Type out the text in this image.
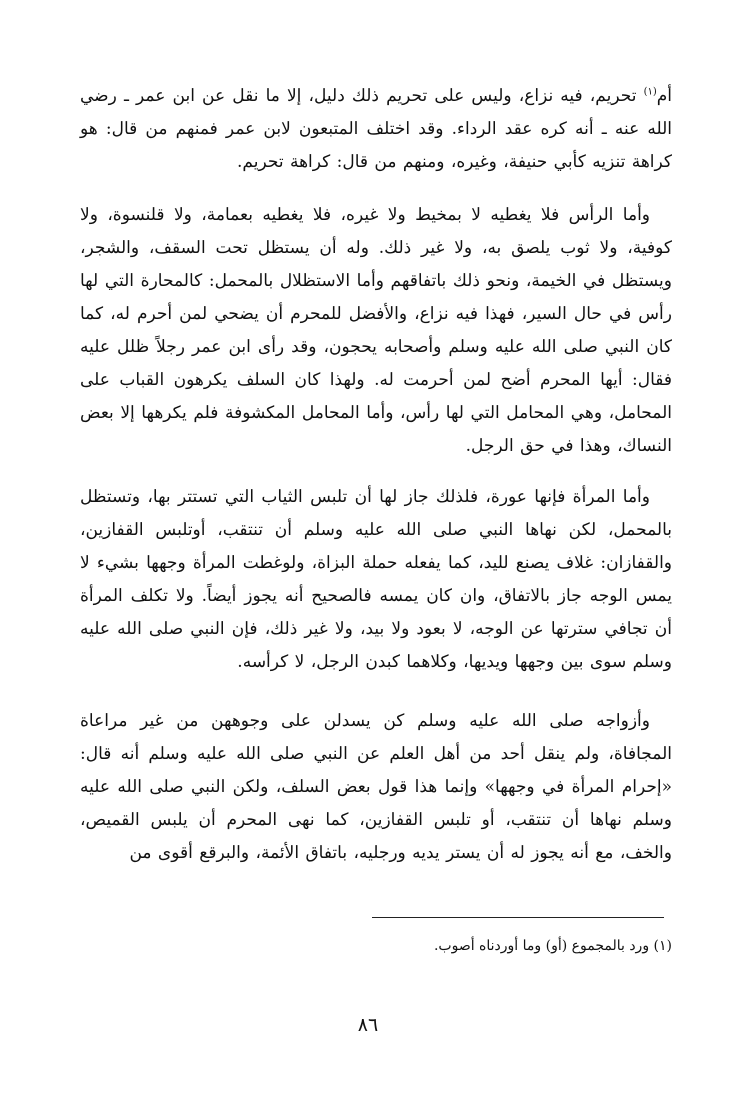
أم$^{(١)}$ تحريم، فيه نزاع، وليس على تحريم ذلك دليل، إلا ما نقل عن ابن عمر ـ رضي الله عنه ـ أنه كره عقد الرداء. وقد اختلف المتبعون لابن عمر فمنهم من قال: هو كراهة تنزيه كأبي حنيفة، وغيره، ومنهم من قال: كراهة تحريم.

وأما الرأس فلا يغطيه لا بمخيط ولا غيره، فلا يغطيه بعمامة، ولا قلنسوة، ولا كوفية، ولا ثوب يلصق به، ولا غير ذلك. وله أن يستظل تحت السقف، والشجر، ويستظل في الخيمة، ونحو ذلك باتفاقهم وأما الاستظلال بالمحمل: كالمحارة التي لها رأس في حال السير، فهذا فيه نزاع، والأفضل للمحرم أن يضحي لمن أحرم له، كما كان النبي صلى الله عليه وسلم وأصحابه يحجون، وقد رأى ابن عمر رجلاً ظلل عليه فقال: أيها المحرم أضح لمن أحرمت له. ولهذا كان السلف يكرهون القباب على المحامل، وهي المحامل التي لها رأس، وأما المحامل المكشوفة فلم يكرهها إلا بعض النساك، وهذا في حق الرجل.

وأما المرأة فإنها عورة، فلذلك جاز لها أن تلبس الثياب التي تستتر بها، وتستظل بالمحمل، لكن نهاها النبي صلى الله عليه وسلم أن تنتقب، أوتلبس القفازين، والقفازان: غلاف يصنع لليد، كما يفعله حملة البزاة، ولوغطت المرأة وجهها بشيء لا يمس الوجه جاز بالاتفاق، وان كان يمسه فالصحيح أنه يجوز أيضاً. ولا تكلف المرأة أن تجافي سترتها عن الوجه، لا بعود ولا بيد، ولا غير ذلك، فإن النبي صلى الله عليه وسلم سوى بين وجهها ويديها، وكلاهما كبدن الرجل، لا كرأسه.

وأزواجه صلى الله عليه وسلم كن يسدلن على وجوههن من غير مراعاة المجافاة، ولم ينقل أحد من أهل العلم عن النبي صلى الله عليه وسلم أنه قال: «إحرام المرأة في وجهها» وإنما هذا قول بعض السلف، ولكن النبي صلى الله عليه وسلم نهاها أن تنتقب، أو تلبس القفازين، كما نهى المحرم أن يلبس القميص، والخف، مع أنه يجوز له أن يستر يديه ورجليه، باتفاق الأئمة، والبرقع أقوى من

(١) ورد بالمجموع (أو) وما أوردناه أصوب.
٨٦
